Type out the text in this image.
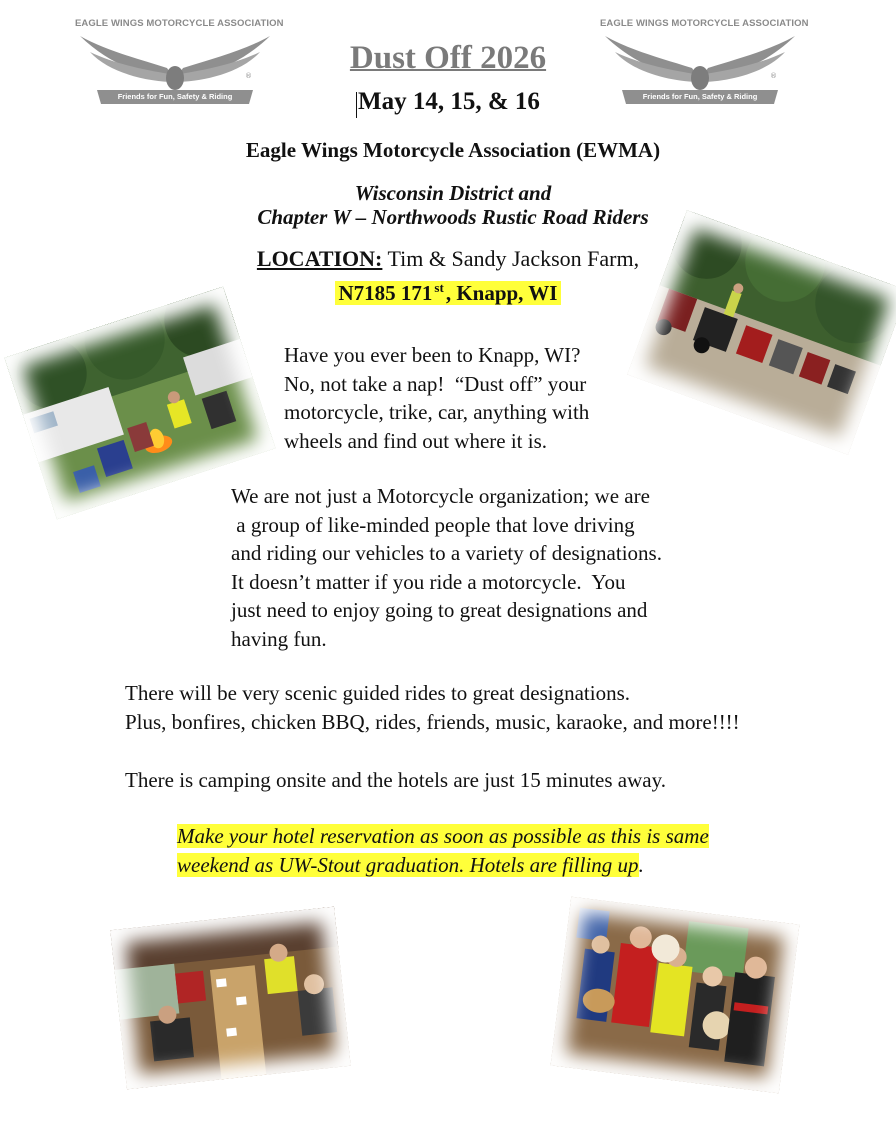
EAGLE WINGS MOTORCYCLE ASSOCIATION
®
Friends for Fun, Safety & Riding
EAGLE WINGS MOTORCYCLE ASSOCIATION
®
Friends for Fun, Safety & Riding
Dust Off 2026
May 14, 15, & 16
Eagle Wings Motorcycle Association (EWMA)
Wisconsin District and
Chapter W – Northwoods Rustic Road Riders
LOCATION: Tim & Sandy Jackson Farm,
N7185 171 $^{st}$, Knapp, WI
Have you ever been to Knapp, WI?
No, not take a nap!  “Dust off” your
motorcycle, trike, car, anything with
wheels and find out where it is.
We are not just a Motorcycle organization; we are
a group of like-minded people that love driving
and riding our vehicles to a variety of designations.
It doesn’t matter if you ride a motorcycle.  You
just need to enjoy going to great designations and
having fun.
There will be very scenic guided rides to great designations.
Plus, bonfires, chicken BBQ, rides, friends, music, karaoke, and more!!!!
There is camping onsite and the hotels are just 15 minutes away.
Make your hotel reservation as soon as possible as this is same
weekend as UW-Stout graduation. Hotels are filling up.
